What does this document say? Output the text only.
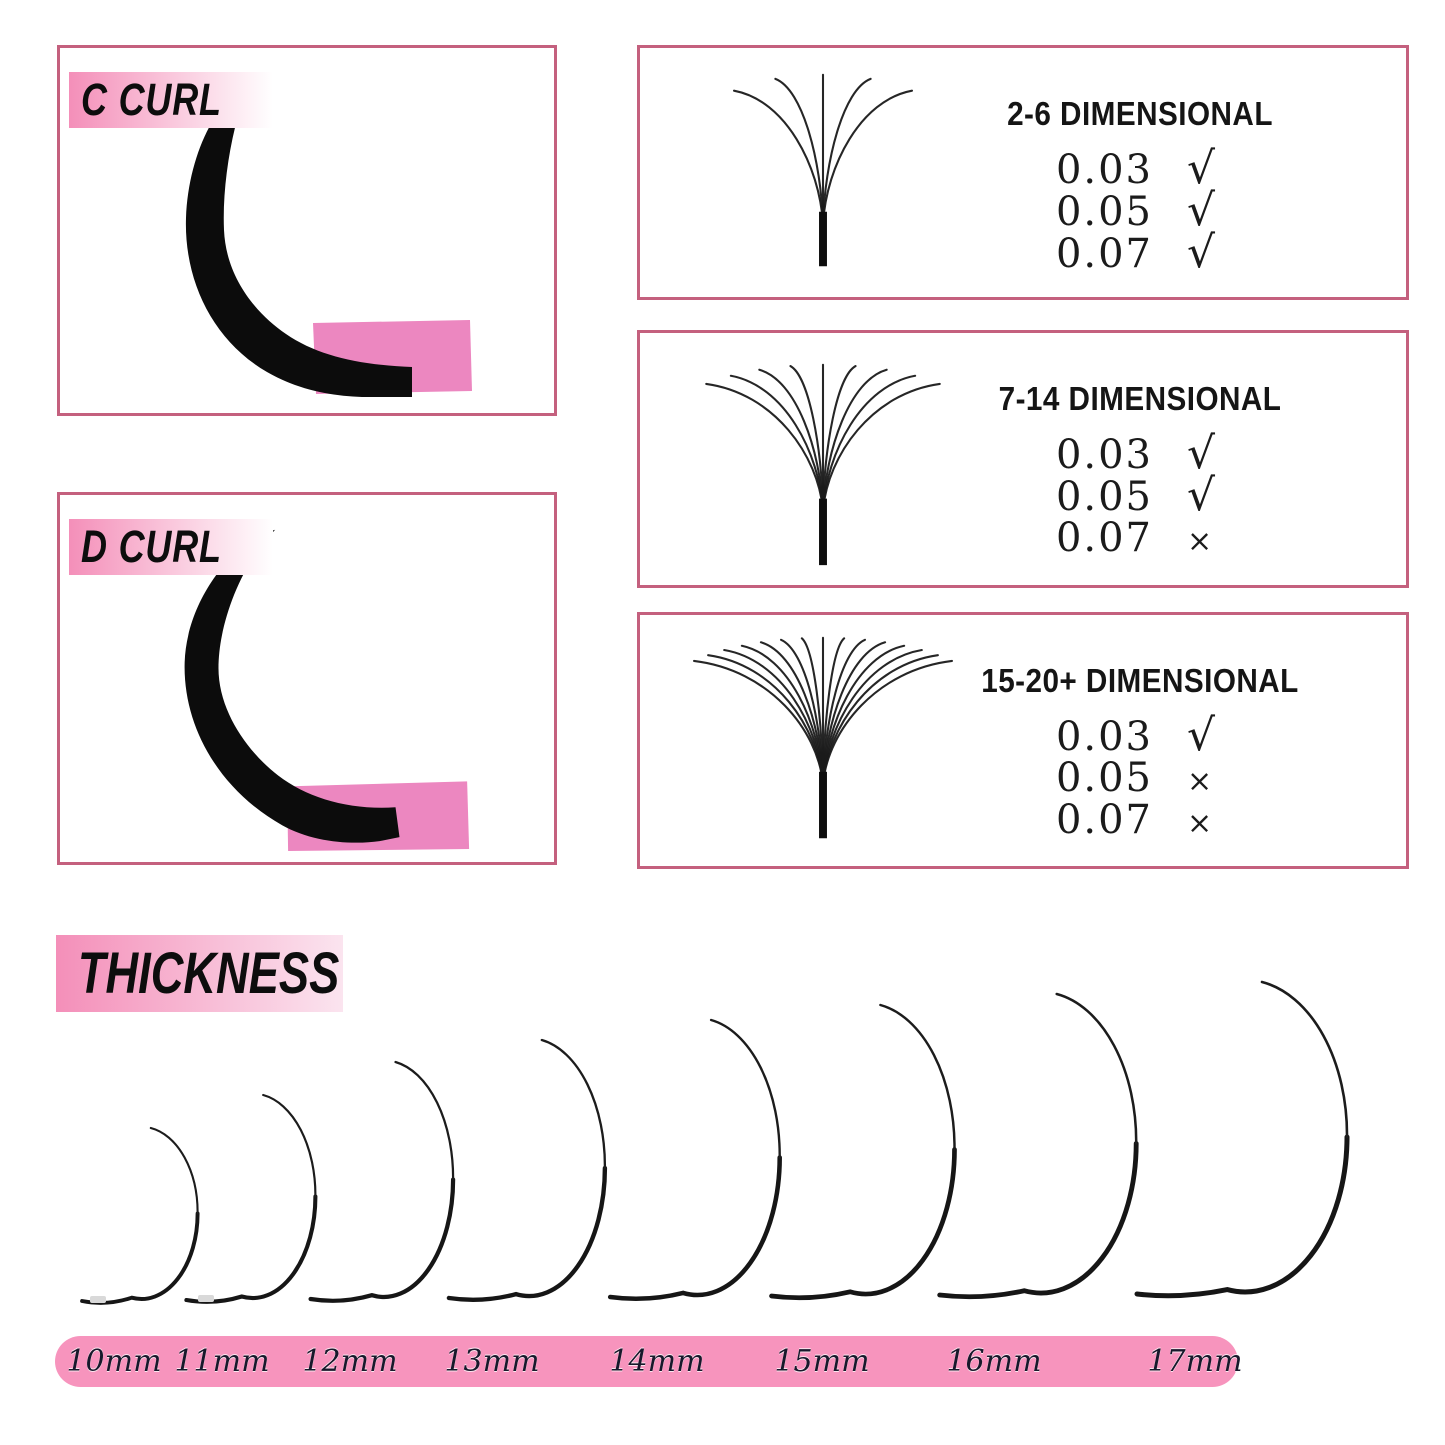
C CURL
D CURL
2-6 DIMENSIONAL
0.03 √
0.05 √
0.07 √
7-14 DIMENSIONAL
0.03 √
0.05 √
0.07 ×
15-20+ DIMENSIONAL
0.03 √
0.05 ×
0.07 ×
THICKNESS
10mm 11mm	12mm	13mm	14mm	15mm	16mm	17mm
